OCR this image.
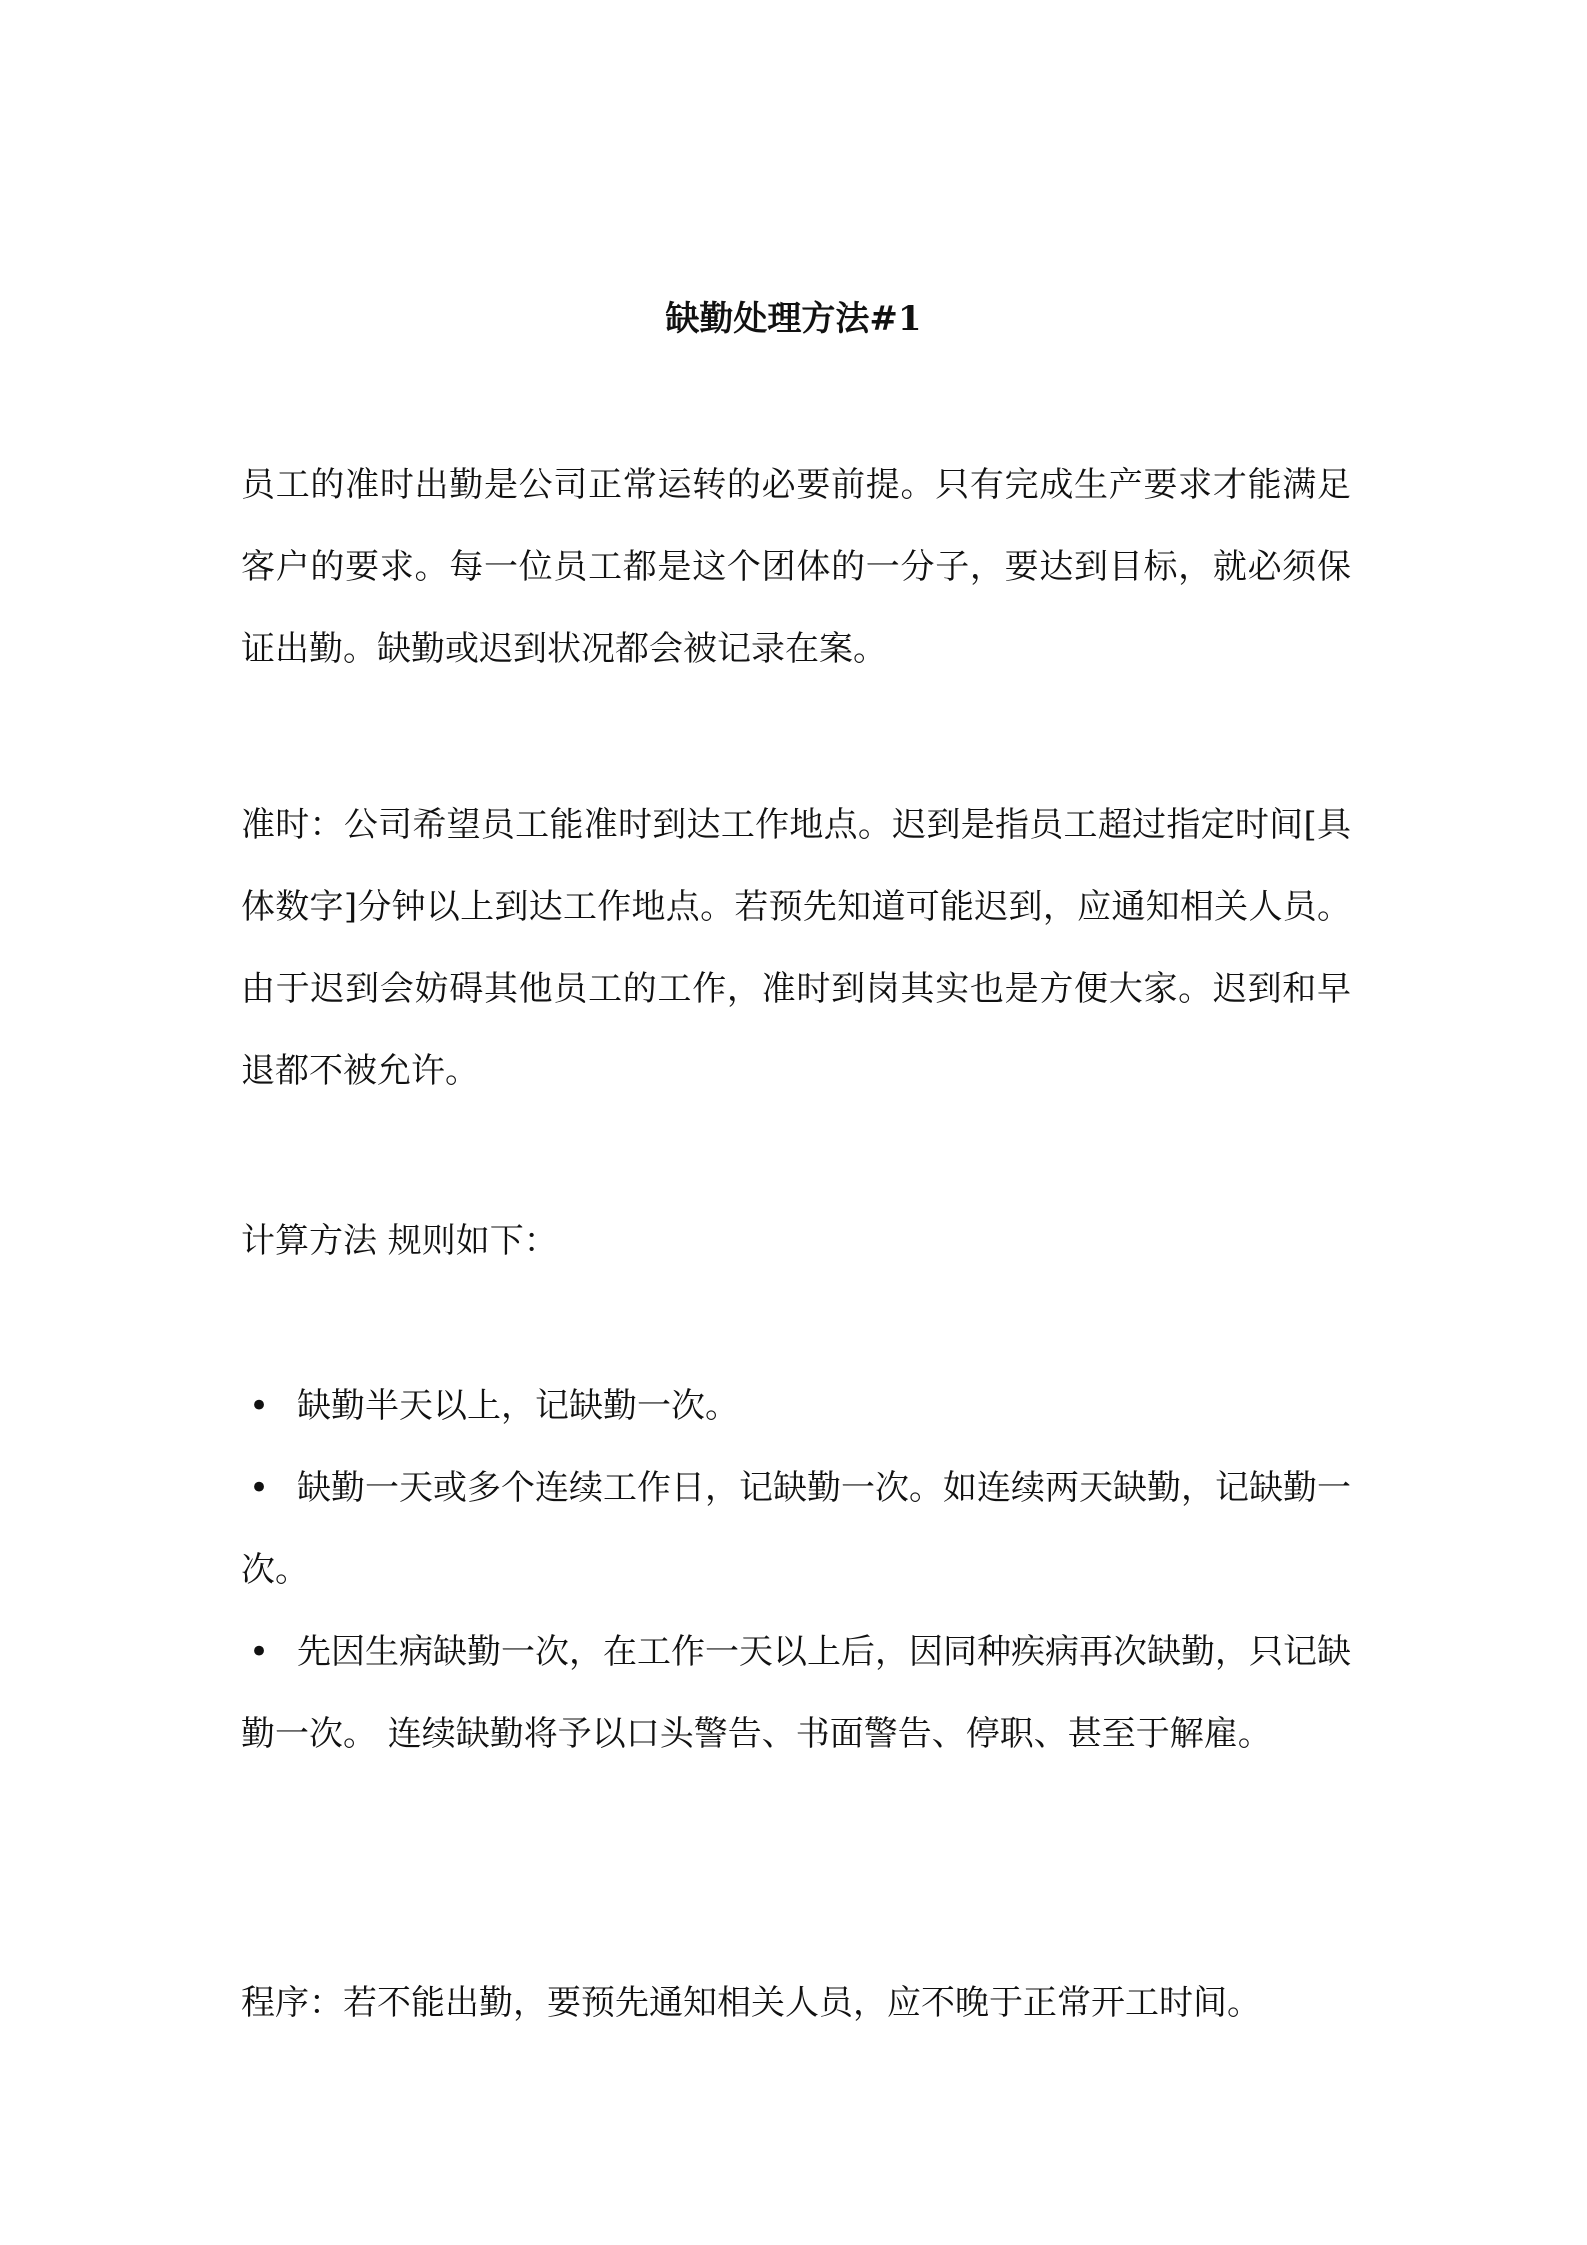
缺勤处理方法#1

员工的准时出勤是公司正常运转的必要前提。只有完成生产要求才能满足客户的要求。每一位员工都是这个团体的一分子，要达到目标，就必须保证出勤。缺勤或迟到状况都会被记录在案。

准时：公司希望员工能准时到达工作地点。迟到是指员工超过指定时间[具体数字]分钟以上到达工作地点。若预先知道可能迟到，应通知相关人员。由于迟到会妨碍其他员工的工作，准时到岗其实也是方便大家。迟到和早退都不被允许。

计算方法 规则如下：

• 缺勤半天以上，记缺勤一次。
• 缺勤一天或多个连续工作日，记缺勤一次。如连续两天缺勤，记缺勤一次。
• 先因生病缺勤一次，在工作一天以上后，因同种疾病再次缺勤，只记缺勤一次。 连续缺勤将予以口头警告、书面警告、停职、甚至于解雇。

程序：若不能出勤，要预先通知相关人员，应不晚于正常开工时间。
